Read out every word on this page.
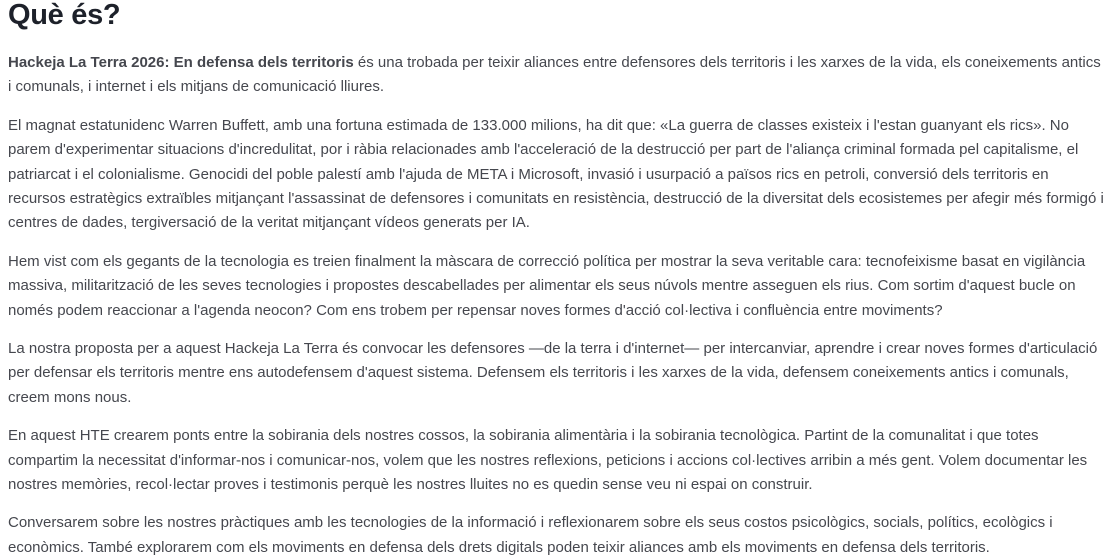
Què és?

Hackeja La Terra 2026: En defensa dels territoris és una trobada per teixir aliances entre defensores dels territoris i les xarxes de la vida, els coneixements antics i comunals, i internet i els mitjans de comunicació lliures.

El magnat estatunidenc Warren Buffett, amb una fortuna estimada de 133.000 milions, ha dit que: «La guerra de classes existeix i l'estan guanyant els rics». No parem d'experimentar situacions d'incredulitat, por i ràbia relacionades amb l'acceleració de la destrucció per part de l'aliança criminal formada pel capitalisme, el patriarcat i el colonialisme. Genocidi del poble palestí amb l'ajuda de META i Microsoft, invasió i usurpació a països rics en petroli, conversió dels territoris en recursos estratègics extraïbles mitjançant l'assassinat de defensores i comunitats en resistència, destrucció de la diversitat dels ecosistemes per afegir més formigó i centres de dades, tergiversació de la veritat mitjançant vídeos generats per IA.

Hem vist com els gegants de la tecnologia es treien finalment la màscara de correcció política per mostrar la seva veritable cara: tecnofeixisme basat en vigilància massiva, militarització de les seves tecnologies i propostes descabellades per alimentar els seus núvols mentre asseguen els rius. Com sortim d'aquest bucle on només podem reaccionar a l'agenda neocon? Com ens trobem per repensar noves formes d'acció col·lectiva i confluència entre moviments?

La nostra proposta per a aquest Hackeja La Terra és convocar les defensores —de la terra i d'internet— per intercanviar, aprendre i crear noves formes d'articulació per defensar els territoris mentre ens autodefensem d'aquest sistema. Defensem els territoris i les xarxes de la vida, defensem coneixements antics i comunals, creem mons nous.

En aquest HTE crearem ponts entre la sobirania dels nostres cossos, la sobirania alimentària i la sobirania tecnològica. Partint de la comunalitat i que totes compartim la necessitat d'informar-nos i comunicar-nos, volem que les nostres reflexions, peticions i accions col·lectives arribin a més gent. Volem documentar les nostres memòries, recol·lectar proves i testimonis perquè les nostres lluites no es quedin sense veu ni espai on construir.

Conversarem sobre les nostres pràctiques amb les tecnologies de la informació i reflexionarem sobre els seus costos psicològics, socials, polítics, ecològics i econòmics. També explorarem com els moviments en defensa dels drets digitals poden teixir aliances amb els moviments en defensa dels territoris.
